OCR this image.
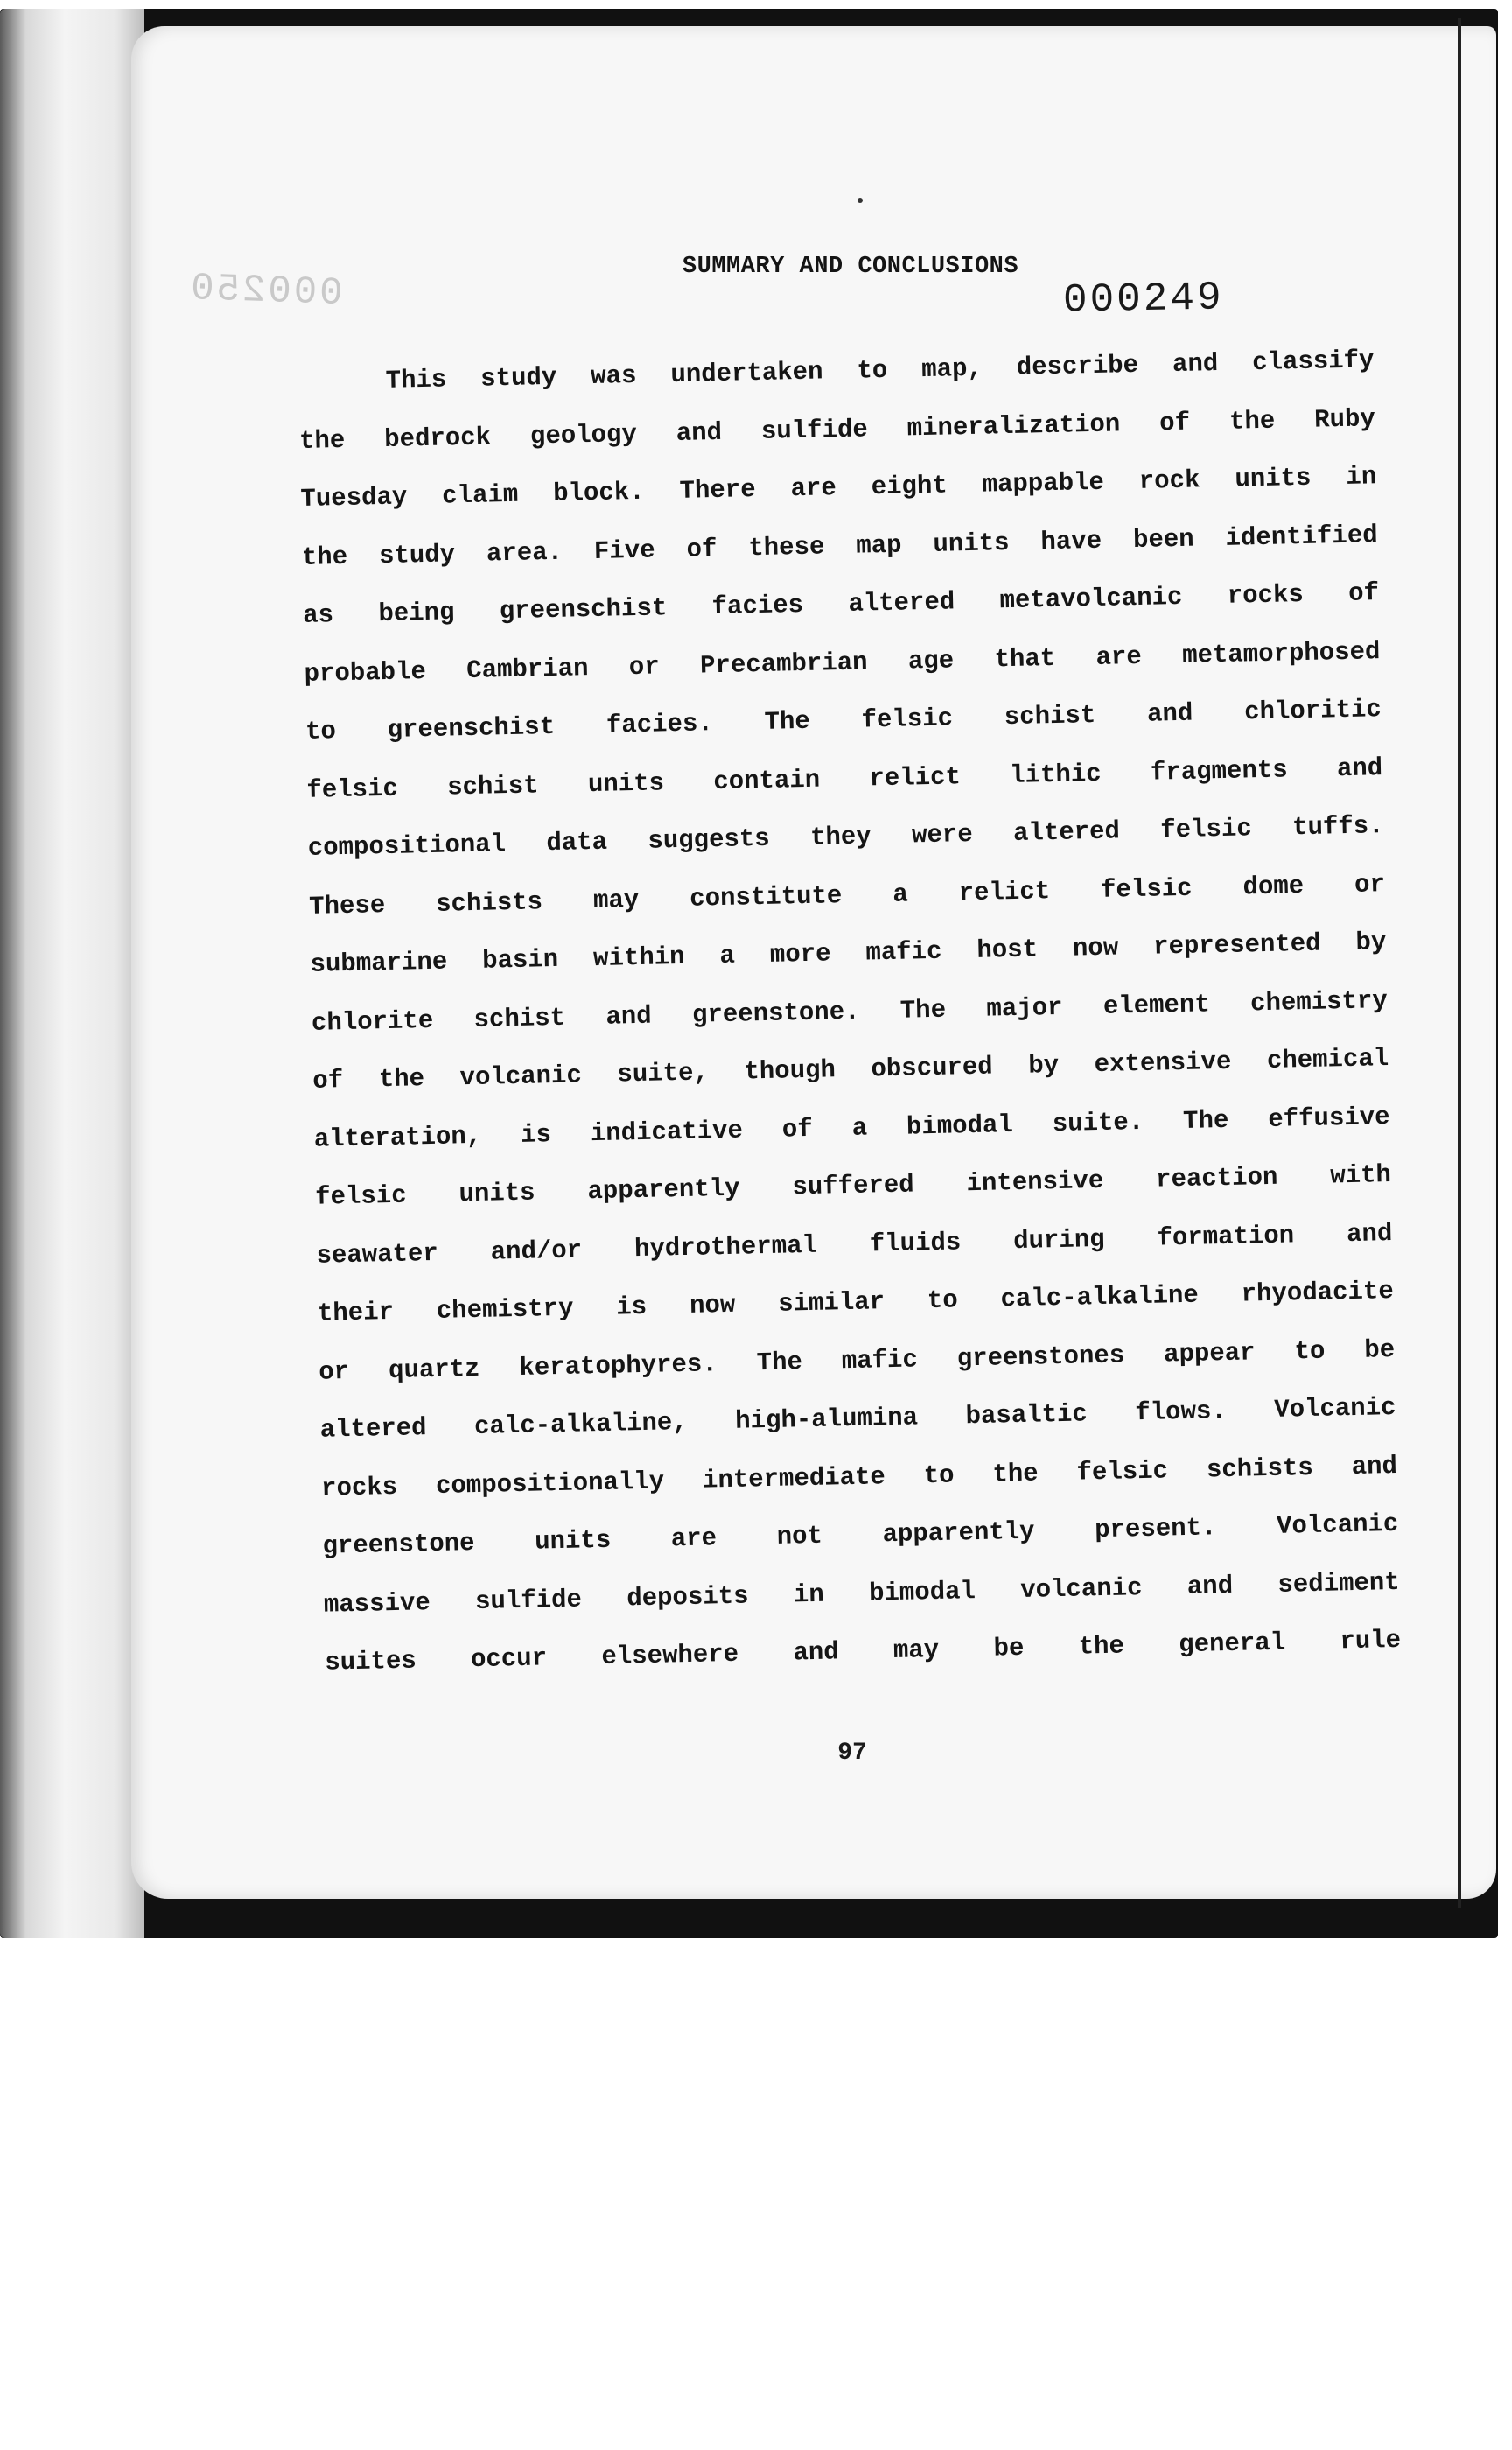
000250	SUMMARY AND CONCLUSIONS
000249
This study was undertaken to map, describe and classify
the bedrock geology and sulfide mineralization of the Ruby
Tuesday claim block. There are eight mappable rock units in
the study area. Five of these map units have been identified
as being greenschist facies altered metavolcanic rocks of
probable Cambrian or Precambrian age that are metamorphosed
to greenschist facies. The felsic schist and chloritic
felsic schist units contain relict lithic fragments and
compositional data suggests they were altered felsic tuffs.
These schists may constitute a relict felsic dome or
submarine basin within a more mafic host now represented by
chlorite schist and greenstone. The major element chemistry
of the volcanic suite, though obscured by extensive chemical
alteration, is indicative of a bimodal suite. The effusive
felsic units apparently suffered intensive reaction with
seawater and/or hydrothermal fluids during formation and
their chemistry is now similar to calc-alkaline rhyodacite
or quartz keratophyres. The mafic greenstones appear to be
altered calc-alkaline, high-alumina basaltic flows. Volcanic
rocks compositionally intermediate to the felsic schists and
greenstone units are not apparently present. Volcanic
massive sulfide deposits in bimodal volcanic and sediment
suites occur elsewhere and may be the general rule
97
